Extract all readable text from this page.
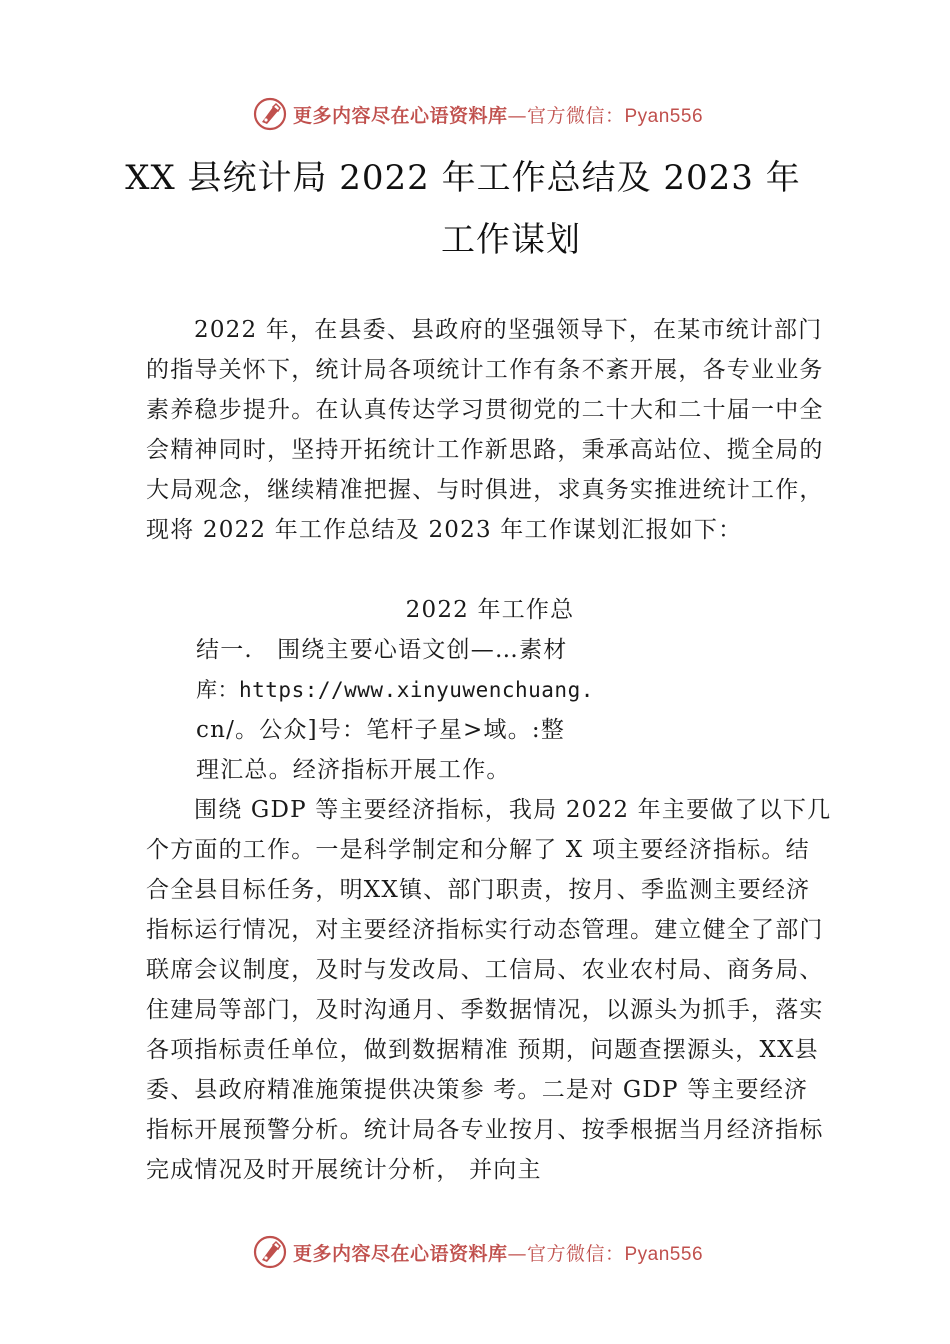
更多内容尽在心语资料库—官方微信：Pyan556
XX 县统计局 2022 年工作总结及 2023 年
工作谋划
2022 年，在县委、县政府的坚强领导下，在某市统计部门的指导关怀下，统计局各项统计工作有条不紊开展，各专业业务素养稳步提升。在认真传达学习贯彻党的二十大和二十届一中全会精神同时，坚持开拓统计工作新思路，秉承高站位、揽全局的大局观念，继续精准把握、与时俱进，求真务实推进统计工作，现将 2022 年工作总结及 2023 年工作谋划汇报如下：
2022 年工作总
结一.　围绕主要心语文创—…素材
库：https://www.xinyuwenchuang.
cn/。公众]号：笔杆子星>域。:整
理汇总。经济指标开展工作。
围绕 GDP 等主要经济指标，我局 2022 年主要做了以下几个方面的工作。一是科学制定和分解了 X 项主要经济指标。结合全县目标任务，明XX镇、部门职责，按月、季监测主要经济指标运行情况，对主要经济指标实行动态管理。建立健全了部门联席会议制度，及时与发改局、工信局、农业农村局、商务局、住建局等部门，及时沟通月、季数据情况，以源头为抓手，落实各项指标责任单位，做到数据精准 预期，问题查摆源头，XX县委、县政府精准施策提供决策参 考。二是对 GDP 等主要经济指标开展预警分析。统计局各专业按月、按季根据当月经济指标完成情况及时开展统计分析， 并向主
更多内容尽在心语资料库—官方微信：Pyan556
